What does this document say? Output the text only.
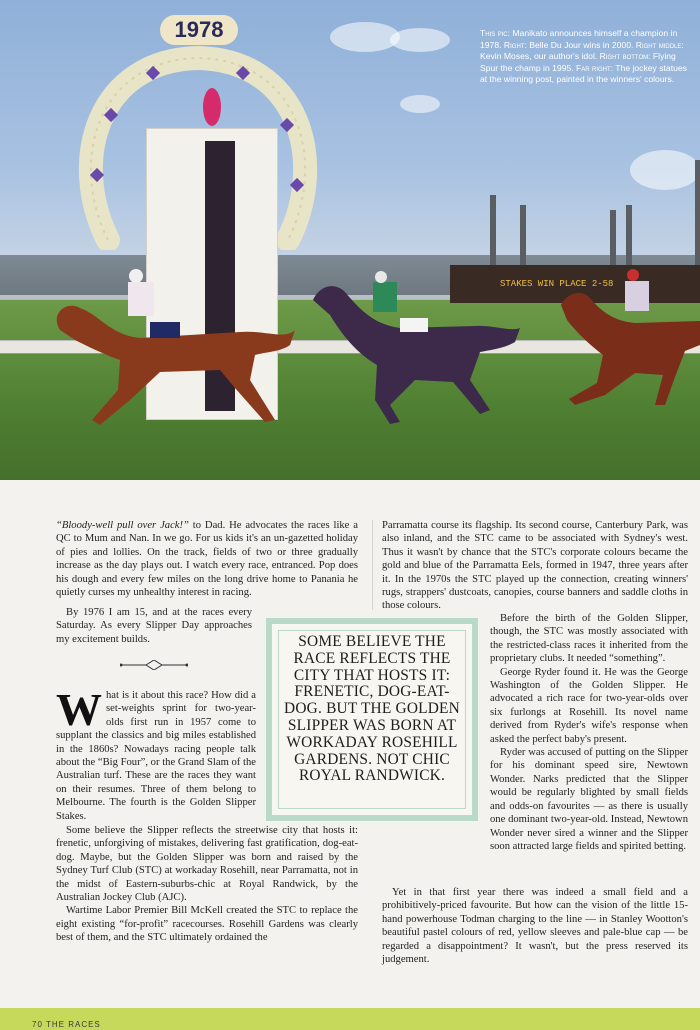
1978
STAKES WIN PLACE 2-58
This pic: Manikato announces himself a champion in 1978. Right: Belle Du Jour wins in 2000. Right middle: Kevin Moses, our author's idol. Right bottom: Flying Spur the champ in 1995. Far right: The jockey statues at the winning post, painted in the winners' colours.

“Bloody-well pull over Jack!” to Dad. He advocates the races like a QC to Mum and Nan. In we go. For us kids it's an un-gazetted holiday of pies and lollies. On the track, fields of two or three gradually increase as the day plays out. I watch every race, entranced. Pop does his dough and every few miles on the long drive home to Panania he quietly curses my unhealthy interest in racing.

By 1976 I am 15, and at the races every Saturday. As every Slipper Day approaches my excitement builds.

What is it about this race? How did a set-weights sprint for two-year-olds first run in 1957 come to supplant the classics and big miles established in the 1860s? Nowadays racing people talk about the “Big Four”, or the Grand Slam of the Australian turf. These are the races they want on their resumes. Three of them belong to Melbourne. The fourth is the Golden Slipper Stakes.

Some believe the Slipper reflects the streetwise city that hosts it: frenetic, unforgiving of mistakes, delivering fast gratification, dog-eat-dog. Maybe, but the Golden Slipper was born and raised by the Sydney Turf Club (STC) at workaday Rosehill, near Parramatta, not in the midst of Eastern-suburbs-chic at Royal Randwick, by the Australian Jockey Club (AJC).

Wartime Labor Premier Bill McKell created the STC to replace the eight existing “for-profit” racecourses. Rosehill Gardens was clearly best of them, and the STC ultimately ordained the

Parramatta course its flagship. Its second course, Canterbury Park, was also inland, and the STC came to be associated with Sydney's west. Thus it wasn't by chance that the STC's corporate colours became the gold and blue of the Parramatta Eels, formed in 1947, three years after it. In the 1970s the STC played up the connection, creating winners' rugs, strappers' dustcoats, canopies, course banners and saddle cloths in those colours.

Before the birth of the Golden Slipper, though, the STC was mostly associated with the restricted-class races it inherited from the proprietary clubs. It needed “something”.

George Ryder found it. He was the George Washington of the Golden Slipper. He advocated a rich race for two-year-olds over six furlongs at Rosehill. Its novel name derived from Ryder's wife's response when asked the perfect baby's present.

Ryder was accused of putting on the Slipper for his dominant speed sire, Newtown Wonder. Narks predicted that the Slipper would be regularly blighted by small fields and odds-on favourites — as there is usually one dominant two-year-old. Instead, Newtown Wonder never sired a winner and the Slipper soon attracted large fields and spirited betting.

Yet in that first year there was indeed a small field and a prohibitively-priced favourite. But how can the vision of the little 15-hand powerhouse Todman charging to the line — in Stanley Wootton's beautiful pastel colours of red, yellow sleeves and pale-blue cap — be regarded a disappointment? It wasn't, but the press reserved its judgement.

SOME BELIEVE THE RACE REFLECTS THE CITY THAT HOSTS IT: FRENETIC, DOG-EAT-DOG. BUT THE GOLDEN SLIPPER WAS BORN AT WORKADAY ROSEHILL GARDENS. NOT CHIC ROYAL RANDWICK.
70 THE RACES
